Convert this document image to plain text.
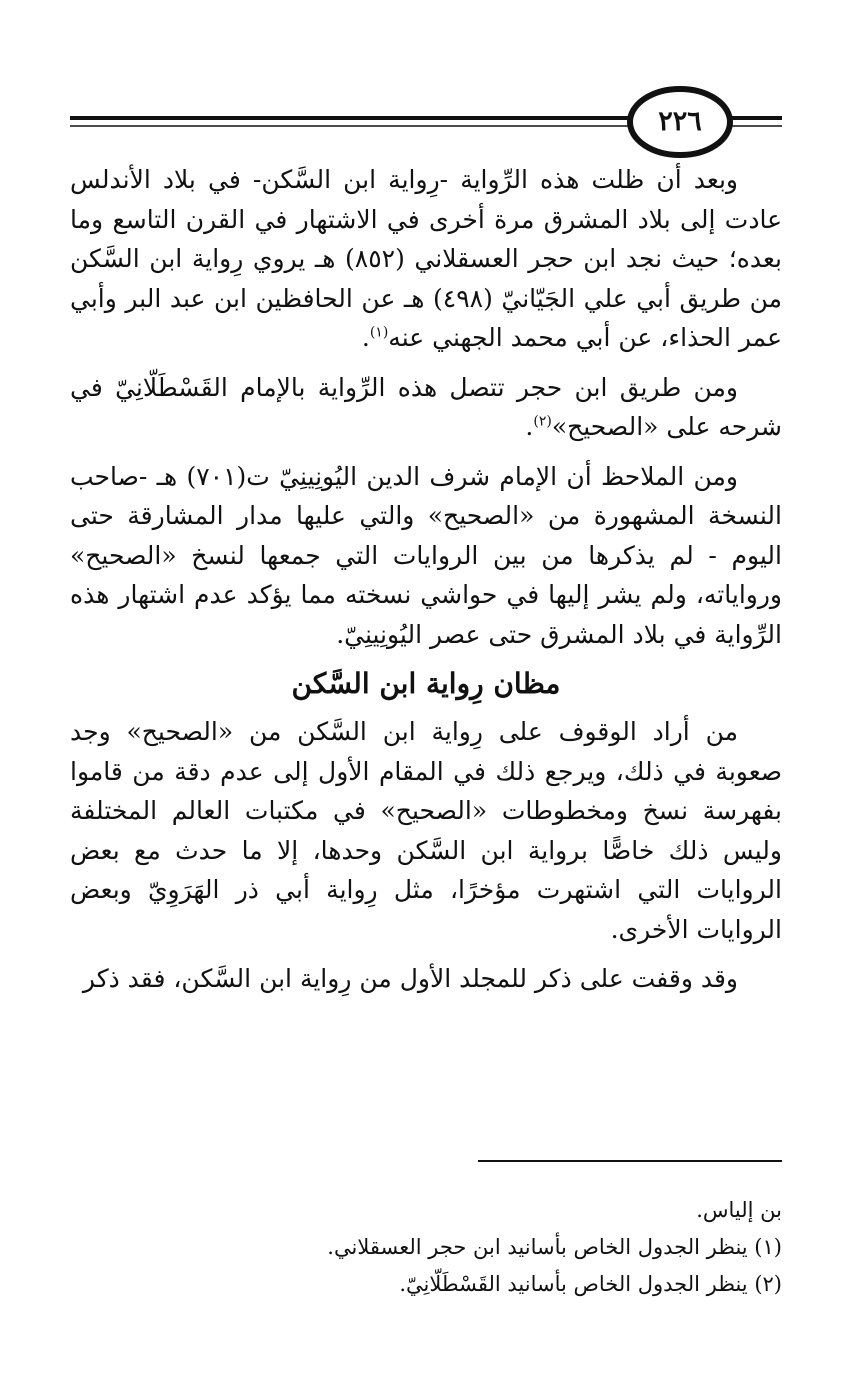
٢٢٦

وبعد أن ظلت هذه الرِّواية -رِواية ابن السَّكن- في بلاد الأندلس عادت إلى بلاد المشرق مرة أخرى في الاشتهار في القرن التاسع وما بعده؛ حيث نجد ابن حجر العسقلاني (٨٥٢) هـ يروي رِواية ابن السَّكن من طريق أبي علي الجَيّانيّ (٤٩٨) هـ عن الحافظين ابن عبد البر وأبي عمر الحذاء، عن أبي محمد الجهني عنه$^{(١)}$.

ومن طريق ابن حجر تتصل هذه الرِّواية بالإمام القَسْطَلّانِيّ في شرحه على «الصحيح»$^{(٢)}$.

ومن الملاحظ أن الإمام شرف الدين اليُونِينِيّ ت(٧٠١) هـ -صاحب النسخة المشهورة من «الصحيح» والتي عليها مدار المشارقة حتى اليوم - لم يذكرها من بين الروايات التي جمعها لنسخ «الصحيح» ورواياته، ولم يشر إليها في حواشي نسخته مما يؤكد عدم اشتهار هذه الرِّواية في بلاد المشرق حتى عصر اليُونِينِيّ.

مظان رِواية ابن السَّكن

من أراد الوقوف على رِواية ابن السَّكن من «الصحيح» وجد صعوبة في ذلك، ويرجع ذلك في المقام الأول إلى عدم دقة من قاموا بفهرسة نسخ ومخطوطات «الصحيح» في مكتبات العالم المختلفة وليس ذلك خاصًّا برواية ابن السَّكن وحدها، إلا ما حدث مع بعض الروايات التي اشتهرت مؤخرًا، مثل رِواية أبي ذر الهَرَوِيّ وبعض الروايات الأخرى.

وقد وقفت على ذكر للمجلد الأول من رِواية ابن السَّكن، فقد ذكر

بن إلياس.

(١) ينظر الجدول الخاص بأسانيد ابن حجر العسقلاني.

(٢) ينظر الجدول الخاص بأسانيد القَسْطَلّانِيّ.
